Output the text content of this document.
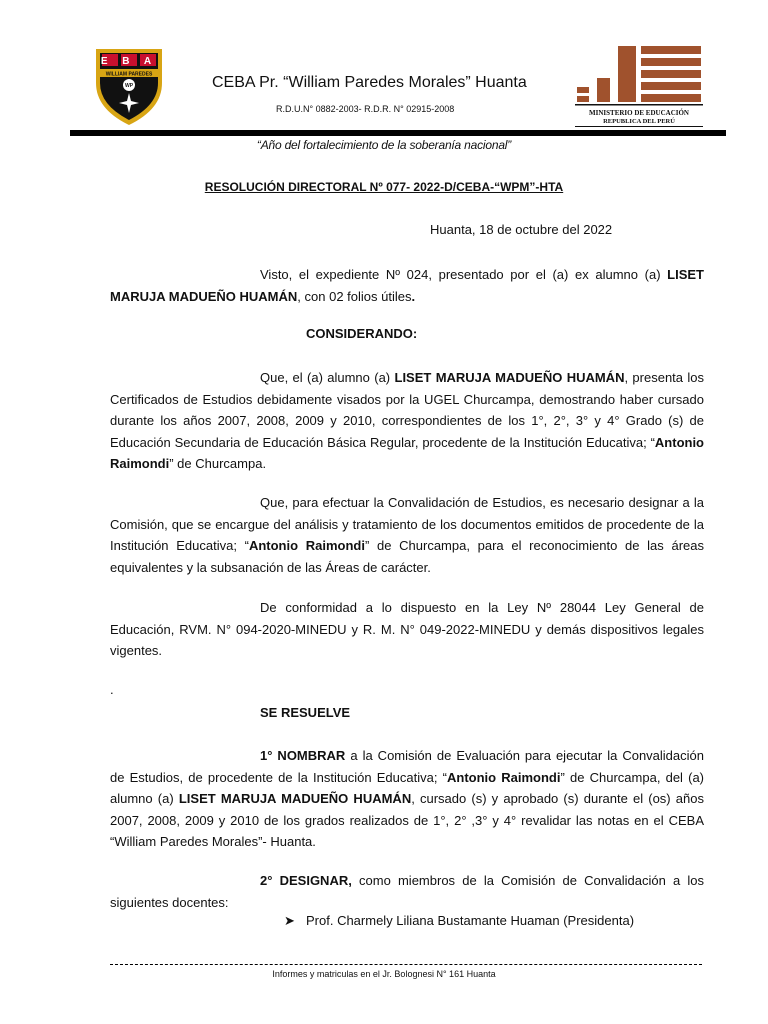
E B A
WILLIAM PAREDES
WP	CEBA Pr. “William Paredes Morales” Huanta
R.D.U.N° 0882-2003- R.D.R. N° 02915-2008	MINISTERIO DE EDUCACIÓN
REPUBLICA DEL PERÚ
“Año del fortalecimiento de la soberanía nacional”
RESOLUCIÓN DIRECTORAL Nº 077- 2022-D/CEBA-“WPM”-HTA
Huanta, 18 de octubre del 2022

Visto, el expediente Nº 024, presentado por el (a) ex alumno (a) LISET MARUJA MADUEÑO HUAMÁN, con 02 folios útiles.

CONSIDERANDO:

Que, el (a) alumno (a) LISET MARUJA MADUEÑO HUAMÁN, presenta los Certificados de Estudios debidamente visados por la UGEL Churcampa, demostrando haber cursado durante los años 2007, 2008, 2009 y 2010, correspondientes de los 1°, 2°, 3° y 4° Grado (s) de Educación Secundaria de Educación Básica Regular, procedente de la Institución Educativa; “Antonio Raimondi” de Churcampa.

Que, para efectuar la Convalidación de Estudios, es necesario designar a la Comisión, que se encargue del análisis y tratamiento de los documentos emitidos de procedente de la Institución Educativa; “Antonio Raimondi” de Churcampa, para el reconocimiento de las áreas equivalentes y la subsanación de las Áreas de carácter.

De conformidad a lo dispuesto en la Ley Nº 28044 Ley General de Educación, RVM. N° 094-2020-MINEDU y R. M. N° 049-2022-MINEDU y demás dispositivos legales vigentes.

.
SE RESUELVE

1° NOMBRAR a la Comisión de Evaluación para ejecutar la Convalidación de Estudios, de procedente de la Institución Educativa; “Antonio Raimondi” de Churcampa, del (a) alumno (a) LISET MARUJA MADUEÑO HUAMÁN, cursado (s) y aprobado (s) durante el (os) años 2007, 2008, 2009 y 2010 de los grados realizados de 1°, 2° ,3° y 4° revalidar las notas en el CEBA “William Paredes Morales”- Huanta.

2° DESIGNAR, como miembros de la Comisión de Convalidación a los siguientes docentes:

➤ Prof. Charmely Liliana Bustamante Huaman (Presidenta)
Informes y matriculas en el Jr. Bolognesi N° 161 Huanta
